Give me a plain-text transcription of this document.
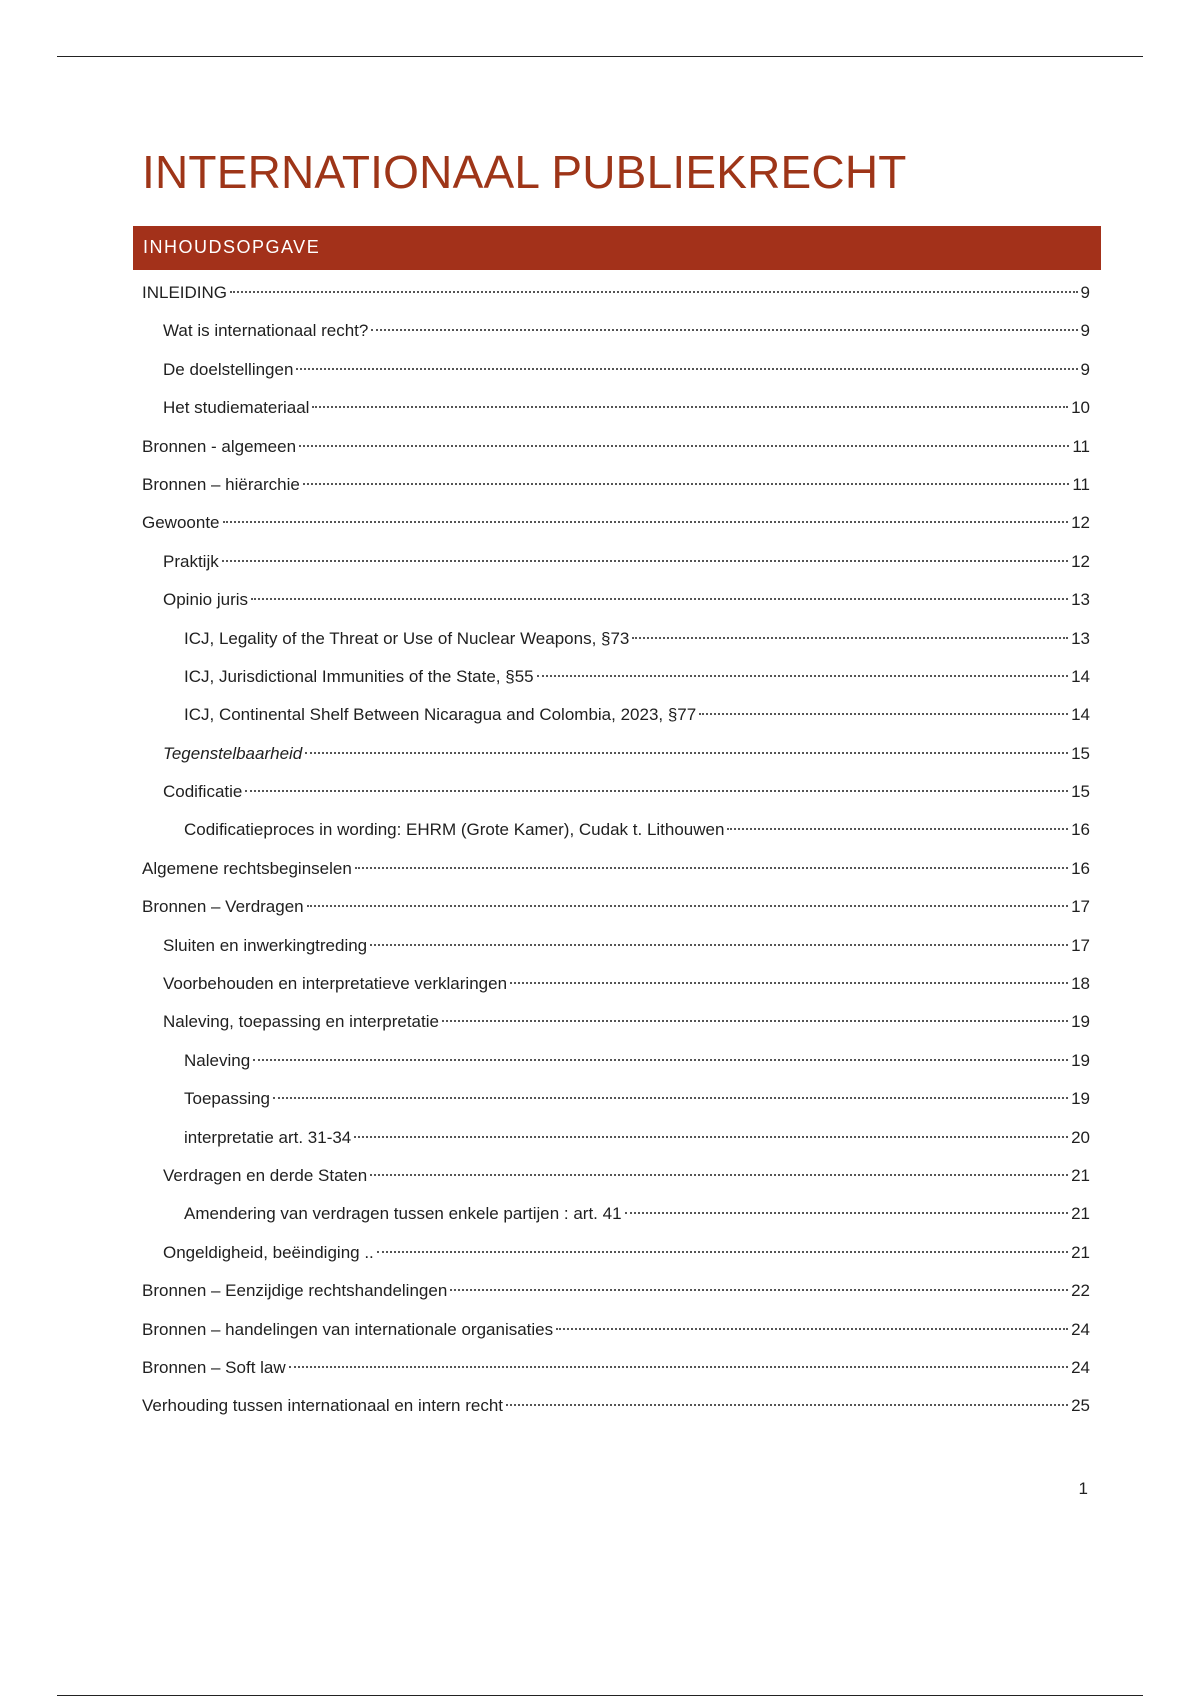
INTERNATIONAAL PUBLIEKRECHT
INHOUDSOPGAVE
INLEIDING	9
Wat is internationaal recht?	9
De doelstellingen	9
Het studiemateriaal	10
Bronnen - algemeen	11
Bronnen – hiërarchie	11
Gewoonte	12
Praktijk	12
Opinio juris	13
ICJ, Legality of the Threat or Use of Nuclear Weapons, §73	13
ICJ, Jurisdictional Immunities of the State, §55	14
ICJ, Continental Shelf Between Nicaragua and Colombia, 2023, §77	14
Tegenstelbaarheid	15
Codificatie	15
Codificatieproces in wording: EHRM (Grote Kamer), Cudak t. Lithouwen	16
Algemene rechtsbeginselen	16
Bronnen – Verdragen	17
Sluiten en inwerkingtreding	17
Voorbehouden en interpretatieve verklaringen	18
Naleving, toepassing en interpretatie	19
Naleving	19
Toepassing	19
interpretatie art. 31-34	20
Verdragen en derde Staten	21
Amendering van verdragen tussen enkele partijen : art. 41	21
Ongeldigheid, beëindiging ..	21
Bronnen – Eenzijdige rechtshandelingen	22
Bronnen – handelingen van internationale organisaties	24
Bronnen – Soft law	24
Verhouding tussen internationaal en intern recht	25
1
